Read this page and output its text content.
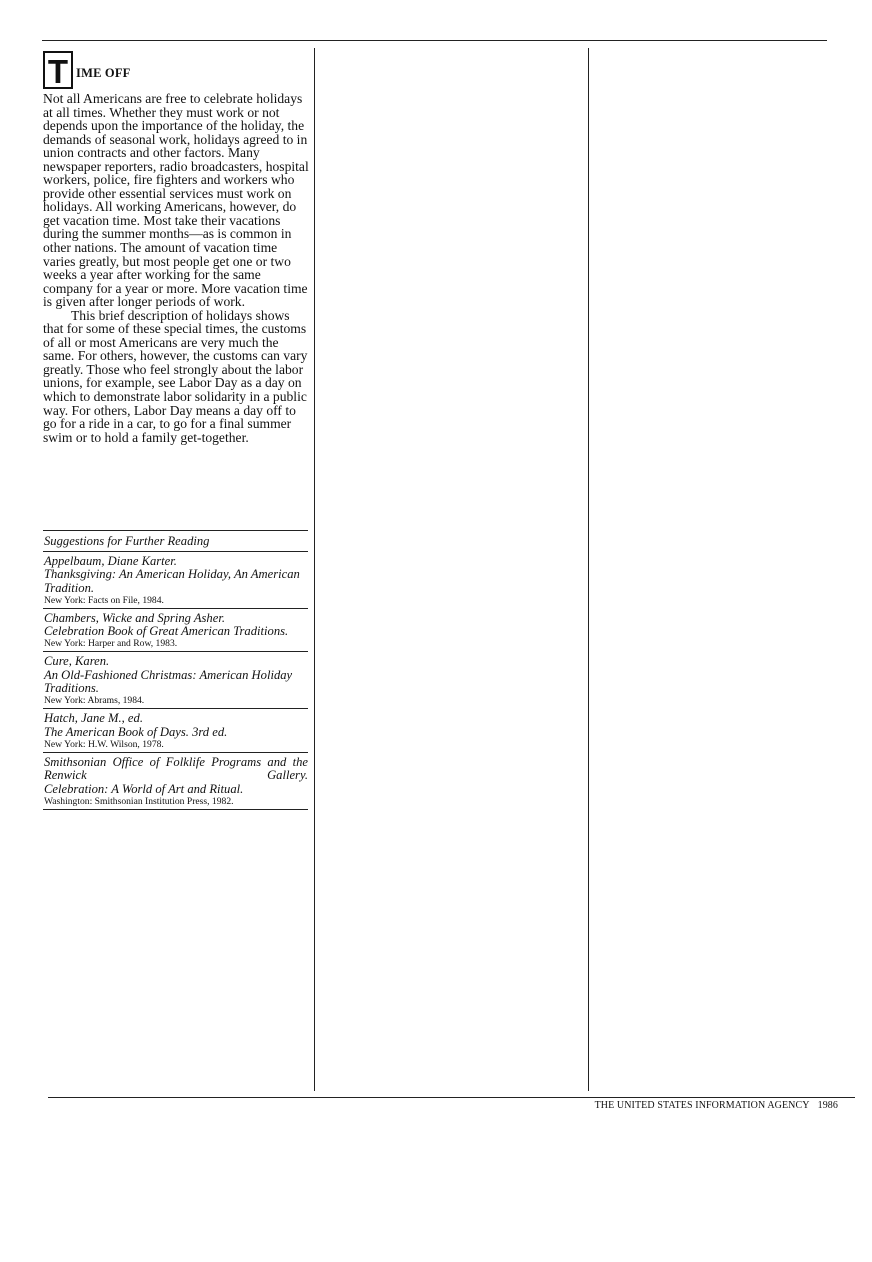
T IME OFF

Not all Americans are free to celebrate holidays at all times. Whether they must work or not depends upon the importance of the holiday, the demands of seasonal work, holidays agreed to in union contracts and other factors. Many newspaper reporters, radio broadcasters, hospital workers, police, fire fighters and workers who provide other essential services must work on holidays. All working Americans, however, do get vacation time. Most take their vacations during the summer months—as is common in other nations. The amount of vacation time varies greatly, but most people get one or two weeks a year after working for the same company for a year or more. More vacation time is given after longer periods of work.

This brief description of holidays shows that for some of these special times, the customs of all or most Americans are very much the same. For others, however, the customs can vary greatly. Those who feel strongly about the labor unions, for example, see Labor Day as a day on which to demonstrate labor solidarity in a public way. For others, Labor Day means a day off to go for a ride in a car, to go for a final summer swim or to hold a family get-together.

Suggestions for Further Reading
Appelbaum, Diane Karter.
Thanksgiving: An American Holiday, An American Tradition.
New York: Facts on File, 1984.
Chambers, Wicke and Spring Asher.
Celebration Book of Great American Traditions.
New York: Harper and Row, 1983.
Cure, Karen.
An Old-Fashioned Christmas: American Holiday Traditions.
New York: Abrams, 1984.
Hatch, Jane M., ed.
The American Book of Days. 3rd ed.
New York: H.W. Wilson, 1978.
Smithsonian Office of Folklife Programs and the Renwick Gallery.
Celebration: A World of Art and Ritual.
Washington: Smithsonian Institution Press, 1982.
THE UNITED STATES INFORMATION AGENCY 1986
